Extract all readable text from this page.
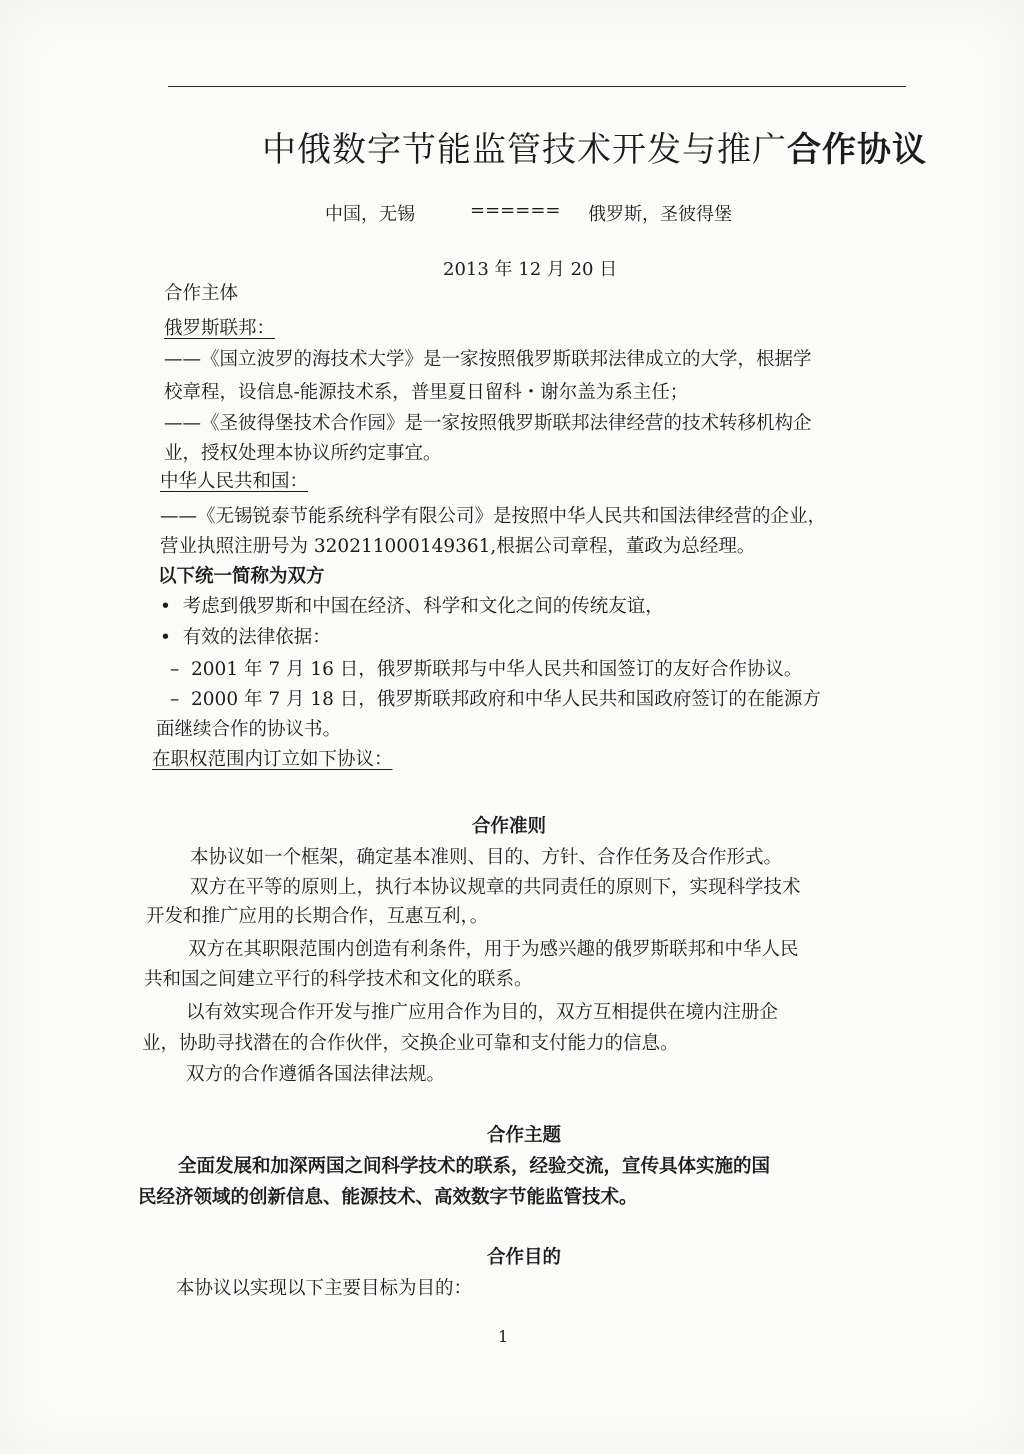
中俄数字节能监管技术开发与推广合作协议
中国，无锡	====== 俄罗斯，圣彼得堡
2013 年 12 月 20 日
合作主体
俄罗斯联邦：
——《国立波罗的海技术大学》是一家按照俄罗斯联邦法律成立的大学，根据学
校章程，设信息-能源技术系，普里夏日留科・谢尔盖为系主任；
——《圣彼得堡技术合作园》是一家按照俄罗斯联邦法律经营的技术转移机构企
业，授权处理本协议所约定事宜。
中华人民共和国：
——《无锡锐泰节能系统科学有限公司》是按照中华人民共和国法律经营的企业，
营业执照注册号为 320211000149361,根据公司章程，董政为总经理。
以下统一简称为双方
• 考虑到俄罗斯和中国在经济、科学和文化之间的传统友谊，
• 有效的法律依据：
– 2001 年 7 月 16 日，俄罗斯联邦与中华人民共和国签订的友好合作协议。
– 2000 年 7 月 18 日，俄罗斯联邦政府和中华人民共和国政府签订的在能源方
面继续合作的协议书。
在职权范围内订立如下协议：
合作准则
本协议如一个框架，确定基本准则、目的、方针、合作任务及合作形式。
双方在平等的原则上，执行本协议规章的共同责任的原则下，实现科学技术
开发和推广应用的长期合作，互惠互利，。
双方在其职限范围内创造有利条件，用于为感兴趣的俄罗斯联邦和中华人民
共和国之间建立平行的科学技术和文化的联系。
以有效实现合作开发与推广应用合作为目的，双方互相提供在境内注册企
业，协助寻找潜在的合作伙伴，交换企业可靠和支付能力的信息。
双方的合作遵循各国法律法规。
合作主题
全面发展和加深两国之间科学技术的联系，经验交流，宣传具体实施的国
民经济领域的创新信息、能源技术、高效数字节能监管技术。
合作目的
本协议以实现以下主要目标为目的：
1
